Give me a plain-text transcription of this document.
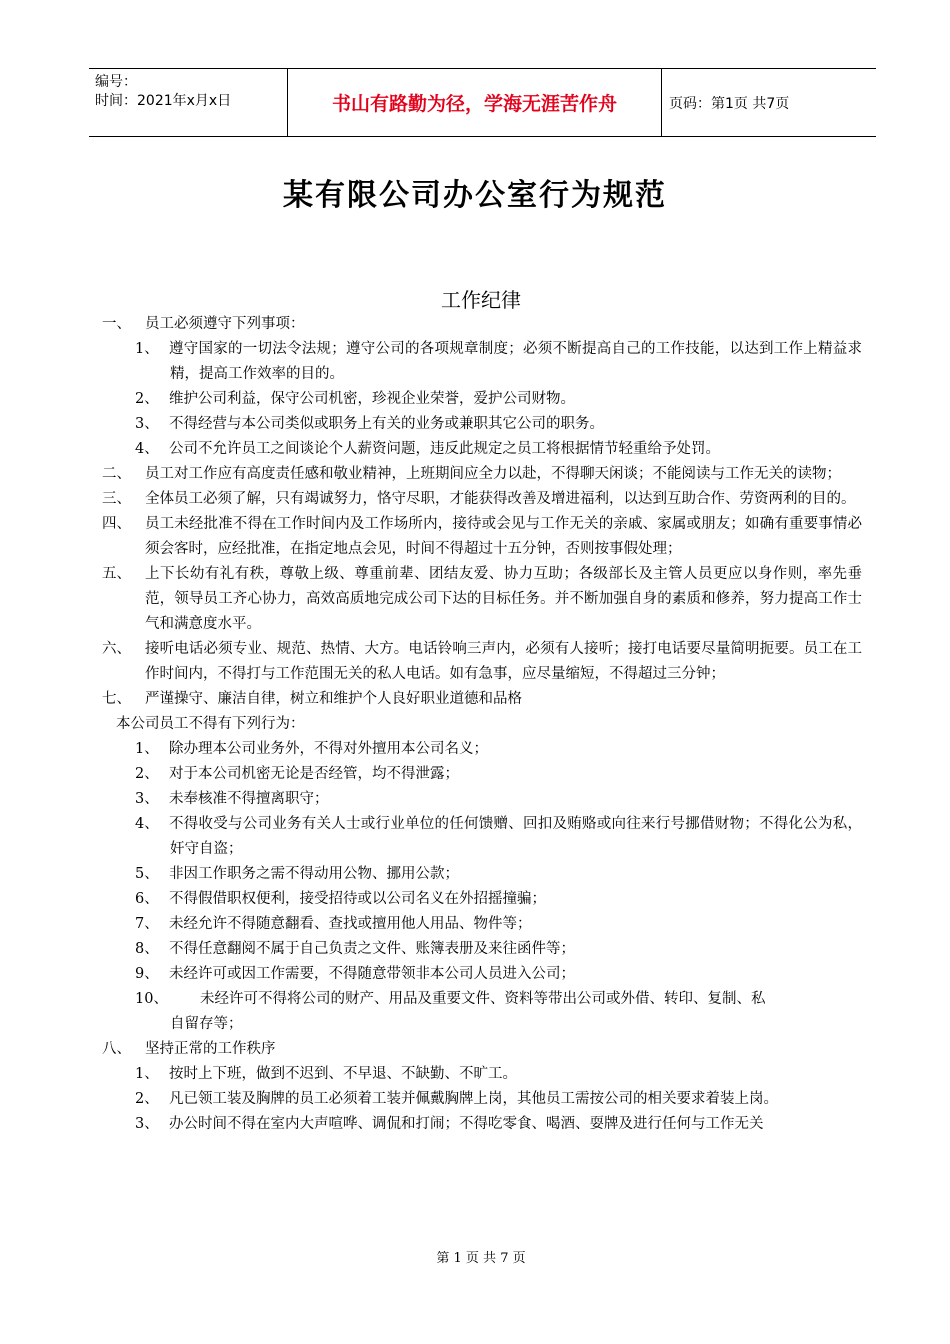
编号：
时间：2021年x月x日	书山有路勤为径，学海无涯苦作舟	页码：第1页 共7页
某有限公司办公室行为规范
工作纪律
一、 员工必须遵守下列事项：
1、 遵守国家的一切法令法规；遵守公司的各项规章制度；必须不断提高自己的工作技能，以达到工作上精益求精，提高工作效率的目的。
2、 维护公司利益，保守公司机密，珍视企业荣誉，爱护公司财物。
3、 不得经营与本公司类似或职务上有关的业务或兼职其它公司的职务。
4、 公司不允许员工之间谈论个人薪资问题，违反此规定之员工将根据情节轻重给予处罚。
二、 员工对工作应有高度责任感和敬业精神，上班期间应全力以赴，不得聊天闲谈；不能阅读与工作无关的读物；
三、 全体员工必须了解，只有竭诚努力，恪守尽职，才能获得改善及增进福利，以达到互助合作、劳资两利的目的。
四、 员工未经批准不得在工作时间内及工作场所内，接待或会见与工作无关的亲戚、家属或朋友；如确有重要事情必须会客时，应经批准，在指定地点会见，时间不得超过十五分钟，否则按事假处理；
五、 上下长幼有礼有秩，尊敬上级、尊重前辈、团结友爱、协力互助；各级部长及主管人员更应以身作则，率先垂范，领导员工齐心协力，高效高质地完成公司下达的目标任务。并不断加强自身的素质和修养，努力提高工作士气和满意度水平。
六、 接听电话必须专业、规范、热情、大方。电话铃响三声内，必须有人接听；接打电话要尽量简明扼要。员工在工作时间内，不得打与工作范围无关的私人电话。如有急事，应尽量缩短，不得超过三分钟；
七、 严谨操守、廉洁自律，树立和维护个人良好职业道德和品格
本公司员工不得有下列行为：
1、 除办理本公司业务外，不得对外擅用本公司名义；
2、 对于本公司机密无论是否经管，均不得泄露；
3、 未奉核准不得擅离职守；
4、 不得收受与公司业务有关人士或行业单位的任何馈赠、回扣及贿赂或向往来行号挪借财物；不得化公为私，奸守自盗；
5、 非因工作职务之需不得动用公物、挪用公款；
6、 不得假借职权便利，接受招待或以公司名义在外招摇撞骗；
7、 未经允许不得随意翻看、查找或擅用他人用品、物件等；
8、 不得任意翻阅不属于自己负责之文件、账簿表册及来往函件等；
9、 未经许可或因工作需要，不得随意带领非本公司人员进入公司；
10、 未经许可不得将公司的财产、用品及重要文件、资料等带出公司或外借、转印、复制、私
自留存等；
八、 坚持正常的工作秩序
1、 按时上下班，做到不迟到、不早退、不缺勤、不旷工。
2、 凡已领工装及胸牌的员工必须着工装并佩戴胸牌上岗，其他员工需按公司的相关要求着装上岗。
3、 办公时间不得在室内大声喧哗、调侃和打闹；不得吃零食、喝酒、耍牌及进行任何与工作无关
第 1 页 共 7 页
